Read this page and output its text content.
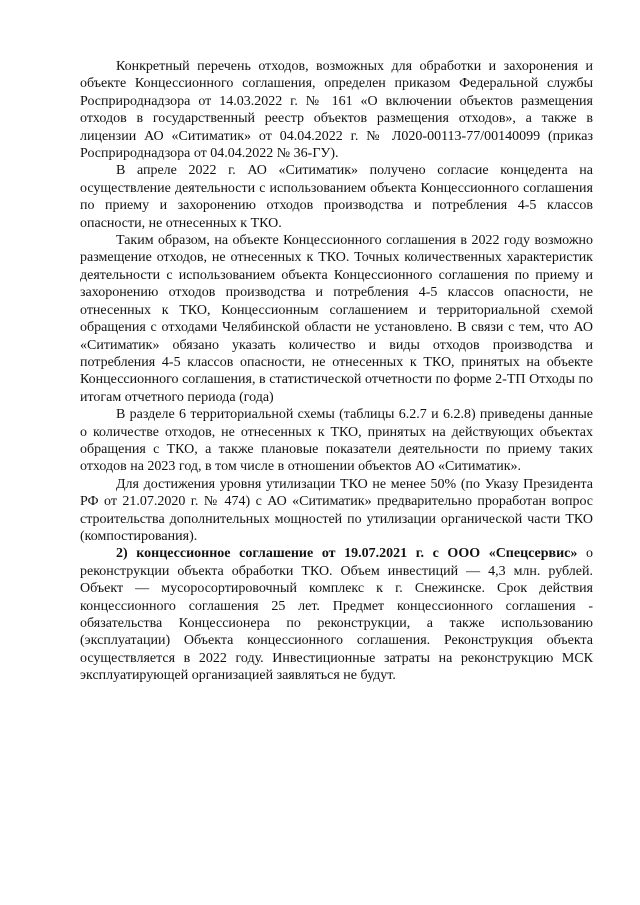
Конкретный перечень отходов, возможных для обработки и захоронения и объекте Концессионного соглашения, определен приказом Федеральной службы Росприроднадзора от 14.03.2022 г. № 161 «О включении объектов размещения отходов в государственный реестр объектов размещения отходов», а также в лицензии АО «Ситиматик» от 04.04.2022 г. № Л020-00113-77/00140099 (приказ Росприроднадзора от 04.04.2022 № 36-ГУ).

В апреле 2022 г. АО «Ситиматик» получено согласие концедента на осуществление деятельности с использованием объекта Концессионного соглашения по приему и захоронению отходов производства и потребления 4-5 классов опасности, не отнесенных к ТКО.

Таким образом, на объекте Концессионного соглашения в 2022 году возможно размещение отходов, не отнесенных к ТКО. Точных количественных характеристик деятельности с использованием объекта Концессионного соглашения по приему и захоронению отходов производства и потребления 4-5 классов опасности, не отнесенных к ТКО, Концессионным соглашением и территориальной схемой обращения с отходами Челябинской области не установлено. В связи с тем, что АО «Ситиматик» обязано указать количество и виды отходов производства и потребления 4-5 классов опасности, не отнесенных к ТКО, принятых на объекте Концессионного соглашения, в статистической отчетности по форме 2-ТП Отходы по итогам отчетного периода (года)

В разделе 6 территориальной схемы (таблицы 6.2.7 и 6.2.8) приведены данные о количестве отходов, не отнесенных к ТКО, принятых на действующих объектах обращения с ТКО, а также плановые показатели деятельности по приему таких отходов на 2023 год, в том числе в отношении объектов АО «Ситиматик».

Для достижения уровня утилизации ТКО не менее 50% (по Указу Президента РФ от 21.07.2020 г. № 474) с АО «Ситиматик» предварительно проработан вопрос строительства дополнительных мощностей по утилизации органической части ТКО (компостирования).

2) концессионное соглашение от 19.07.2021 г. с ООО «Спецсервис» о реконструкции объекта обработки ТКО. Объем инвестиций — 4,3 млн. рублей. Объект — мусоросортировочный комплекс к г. Снежинске. Срок действия концессионного соглашения 25 лет. Предмет концессионного соглашения - обязательства Концессионера по реконструкции, а также использованию (эксплуатации) Объекта концессионного соглашения. Реконструкция объекта осуществляется в 2022 году. Инвестиционные затраты на реконструкцию МСК эксплуатирующей организацией заявляться не будут.
